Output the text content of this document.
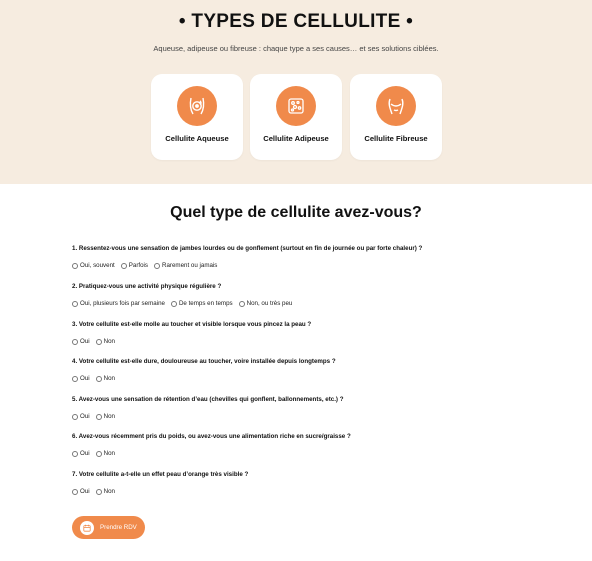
• TYPES DE CELLULITE •
Aqueuse, adipeuse ou fibreuse : chaque type a ses causes… et ses solutions ciblées.
Cellulite Aqueuse	Cellulite Adipeuse	Cellulite Fibreuse
Quel type de cellulite avez-vous?
1. Ressentez-vous une sensation de jambes lourdes ou de gonflement (surtout en fin de journée ou par forte chaleur) ?
Oui, souvent Parfois Rarement ou jamais
2. Pratiquez-vous une activité physique régulière ?
Oui, plusieurs fois par semaine De temps en temps Non, ou très peu
3. Votre cellulite est-elle molle au toucher et visible lorsque vous pincez la peau ?
Oui Non
4. Votre cellulite est-elle dure, douloureuse au toucher, voire installée depuis longtemps ?
Oui Non
5. Avez-vous une sensation de rétention d’eau (chevilles qui gonflent, ballonnements, etc.) ?
Oui Non
6. Avez-vous récemment pris du poids, ou avez-vous une alimentation riche en sucre/graisse ?
Oui Non
7. Votre cellulite a-t-elle un effet peau d’orange très visible ?
Oui Non
Prendre RDV
